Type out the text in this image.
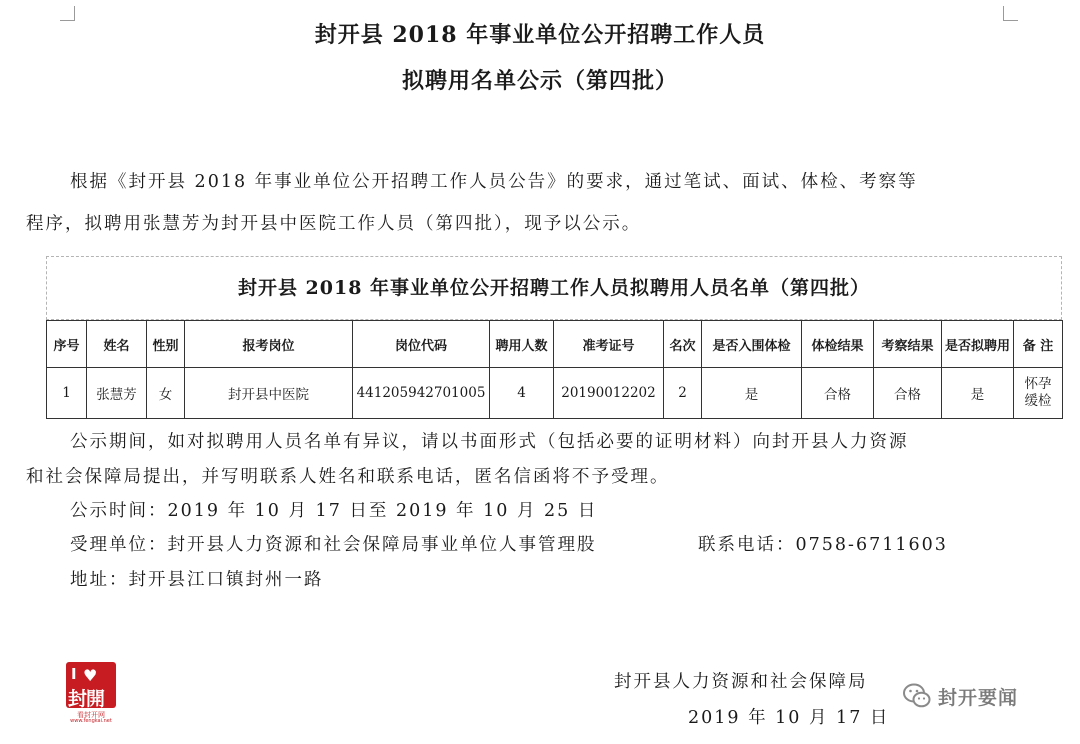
封开县 2018 年事业单位公开招聘工作人员
拟聘用名单公示（第四批）
根据《封开县 2018 年事业单位公开招聘工作人员公告》的要求，通过笔试、面试、体检、考察等
程序，拟聘用张慧芳为封开县中医院工作人员（第四批），现予以公示。
封开县 2018 年事业单位公开招聘工作人员拟聘用人员名单（第四批）
序号	姓名	性别	报考岗位	岗位代码	聘用人数	准考证号	名次	是否入围体检	体检结果	考察结果	是否拟聘用	备 注
1	张慧芳	女	封开县中医院	441205942701005	4	20190012202	2	是	合格	合格	是	怀孕缓检
公示期间，如对拟聘用人员名单有异议，请以书面形式（包括必要的证明材料）向封开县人力资源
和社会保障局提出，并写明联系人姓名和联系电话，匿名信函将不予受理。
公示时间：2019 年 10 月 17 日至 2019 年 10 月 25 日
受理单位：封开县人力资源和社会保障局事业单位人事管理股	联系电话：0758-6711603
地址：封开县江口镇封州一路
I ♥
封開
看封开网
www.fengkai.net
封开县人力资源和社会保障局
2019 年 10 月 17 日
封开要闻
